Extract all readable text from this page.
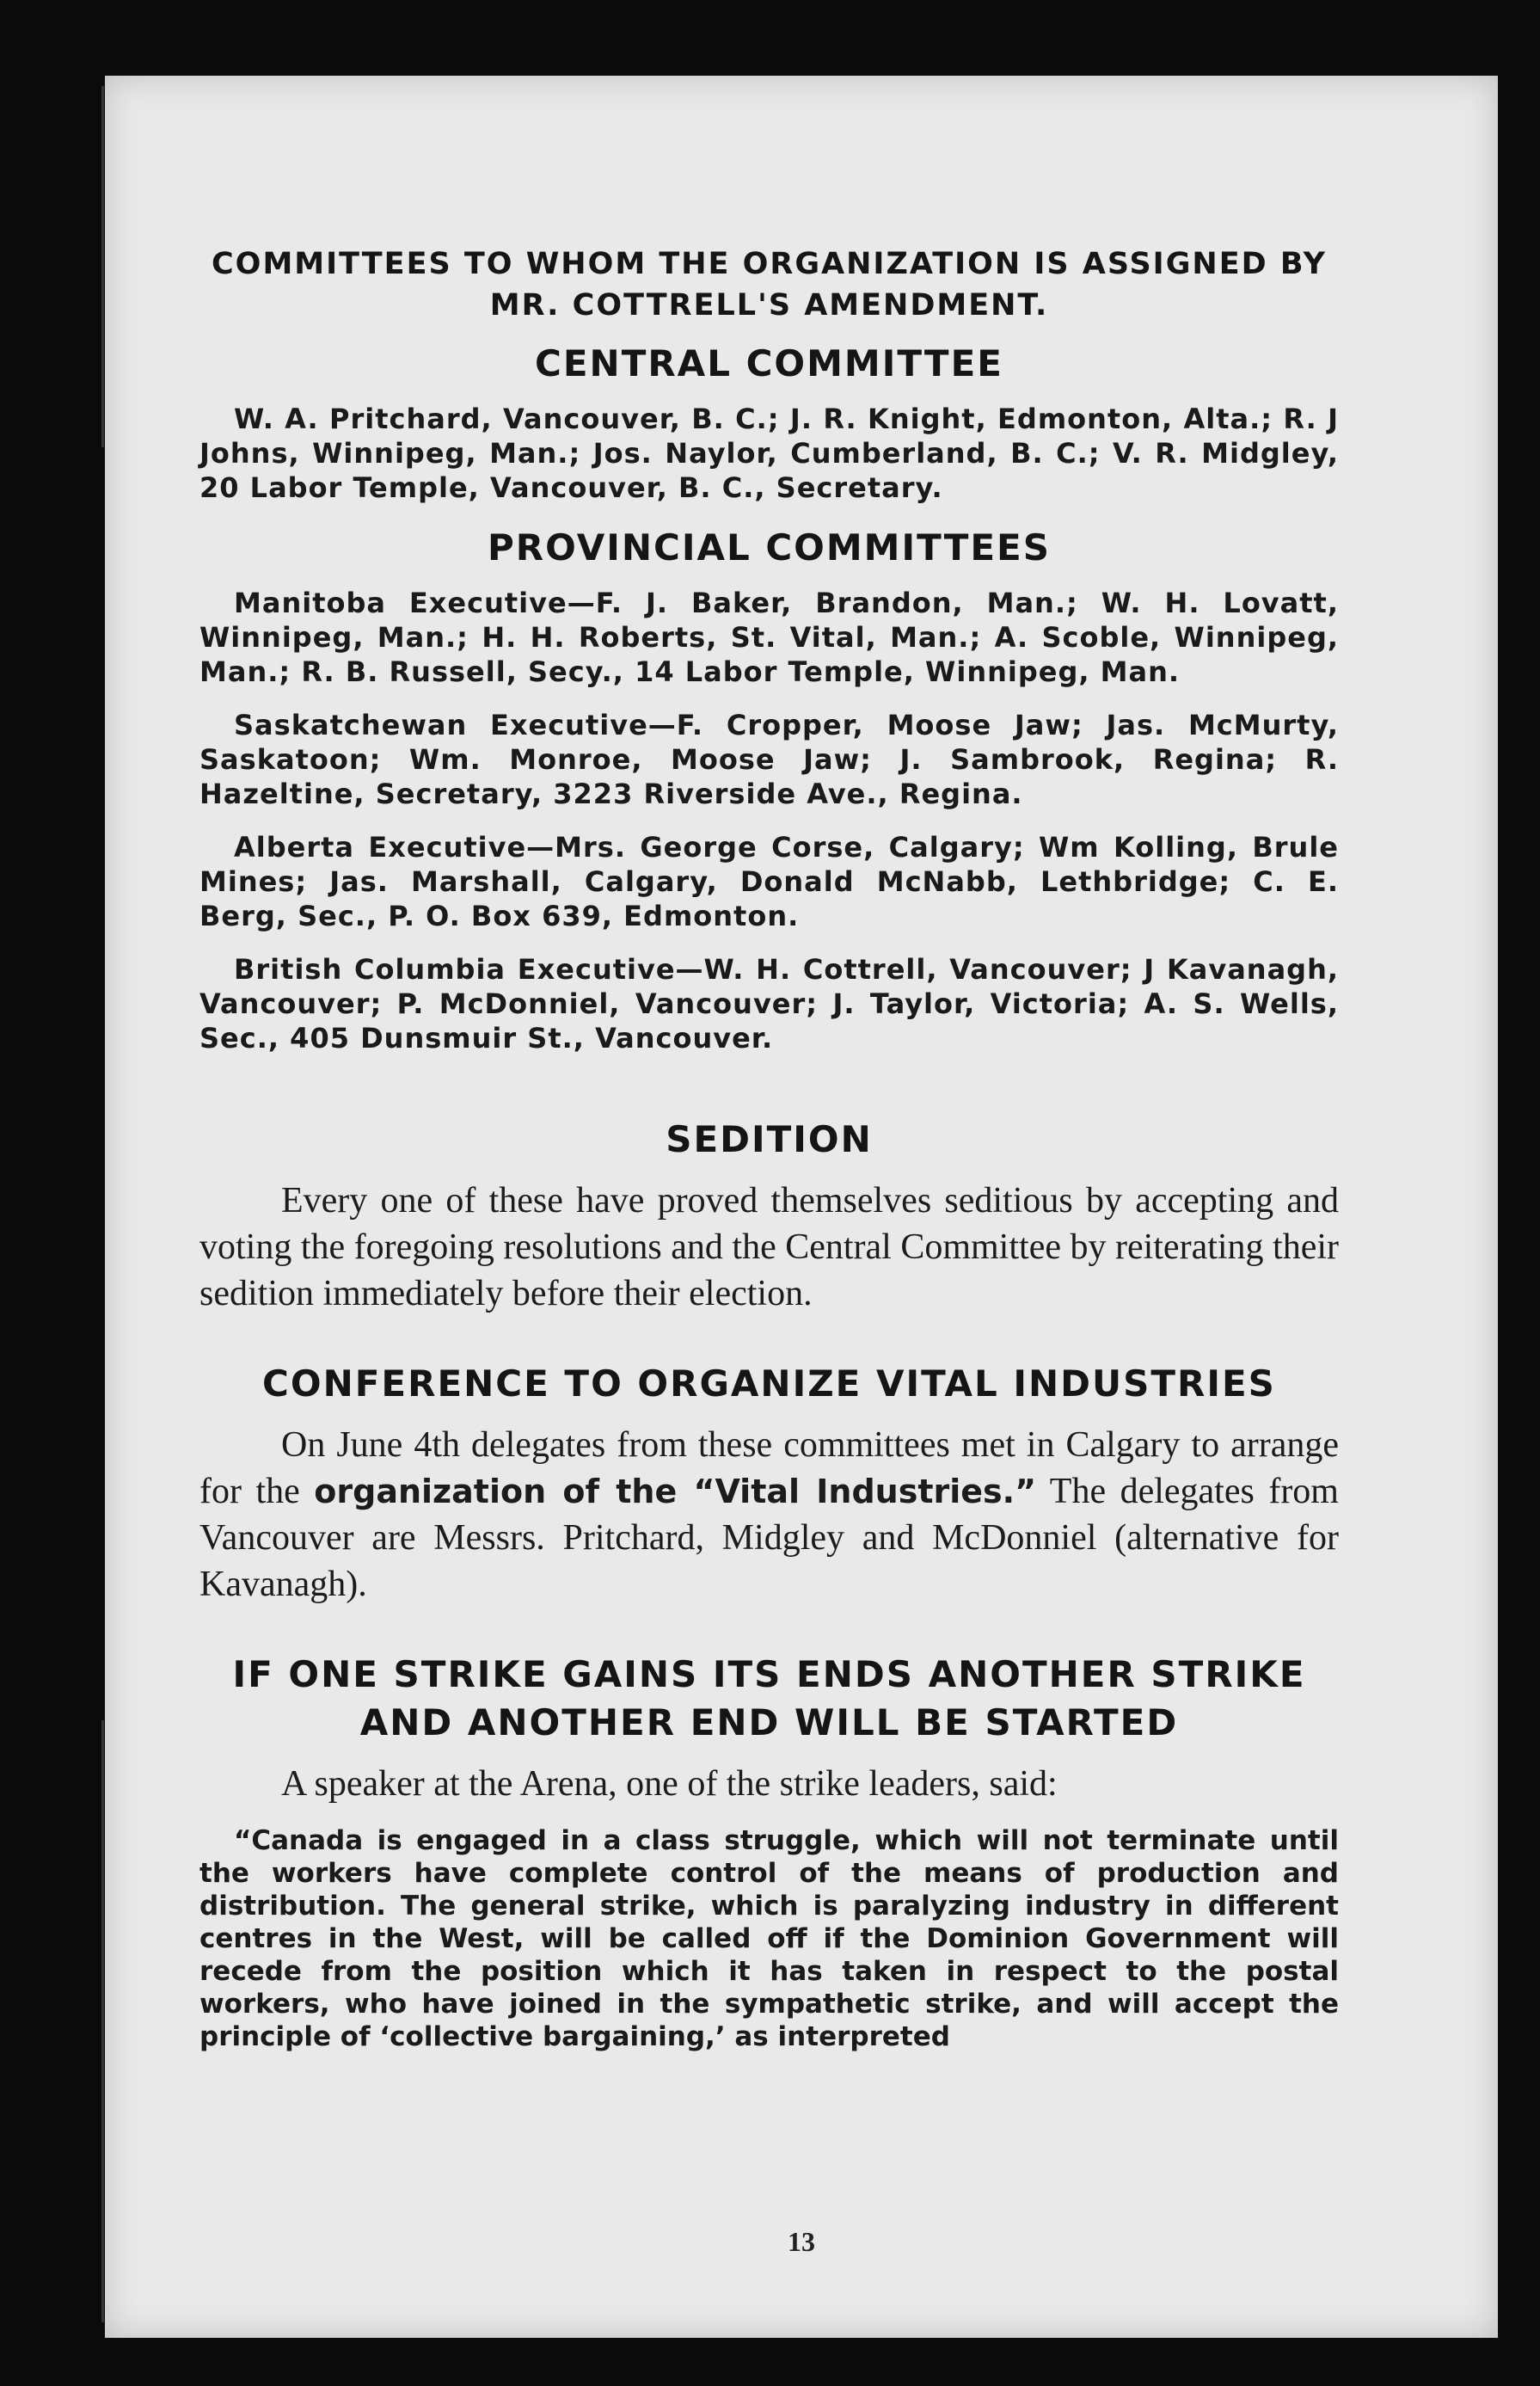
COMMITTEES TO WHOM THE ORGANIZATION IS ASSIGNED BY MR. COTTRELL'S AMENDMENT.
CENTRAL COMMITTEE

W. A. Pritchard, Vancouver, B. C.; J. R. Knight, Edmonton, Alta.; R. J Johns, Winnipeg, Man.; Jos. Naylor, Cumberland, B. C.; V. R. Midgley, 20 Labor Temple, Vancouver, B. C., Secretary.

PROVINCIAL COMMITTEES

Manitoba Executive—F. J. Baker, Brandon, Man.; W. H. Lovatt, Winnipeg, Man.; H. H. Roberts, St. Vital, Man.; A. Scoble, Winnipeg, Man.; R. B. Russell, Secy., 14 Labor Temple, Winnipeg, Man.

Saskatchewan Executive—F. Cropper, Moose Jaw; Jas. McMurty, Saskatoon; Wm. Monroe, Moose Jaw; J. Sambrook, Regina; R. Hazeltine, Secretary, 3223 Riverside Ave., Regina.

Alberta Executive—Mrs. George Corse, Calgary; Wm Kolling, Brule Mines; Jas. Marshall, Calgary, Donald McNabb, Lethbridge; C. E. Berg, Sec., P. O. Box 639, Edmonton.

British Columbia Executive—W. H. Cottrell, Vancouver; J Kavanagh, Vancouver; P. McDonniel, Vancouver; J. Taylor, Victoria; A. S. Wells, Sec., 405 Dunsmuir St., Vancouver.

SEDITION

Every one of these have proved themselves seditious by accepting and voting the foregoing resolutions and the Central Committee by reiterating their sedition immediately before their election.

CONFERENCE TO ORGANIZE VITAL INDUSTRIES

On June 4th delegates from these committees met in Calgary to arrange for the organization of the “Vital Industries.” The delegates from Vancouver are Messrs. Pritchard, Midgley and McDonniel (alternative for Kavanagh).

IF ONE STRIKE GAINS ITS ENDS ANOTHER STRIKE AND ANOTHER END WILL BE STARTED

A speaker at the Arena, one of the strike leaders, said:

“Canada is engaged in a class struggle, which will not terminate until the workers have complete control of the means of production and distribution. The general strike, which is paralyzing industry in different centres in the West, will be called off if the Dominion Government will recede from the position which it has taken in respect to the postal workers, who have joined in the sympathetic strike, and will accept the principle of ‘collective bargaining,’ as interpreted

13
